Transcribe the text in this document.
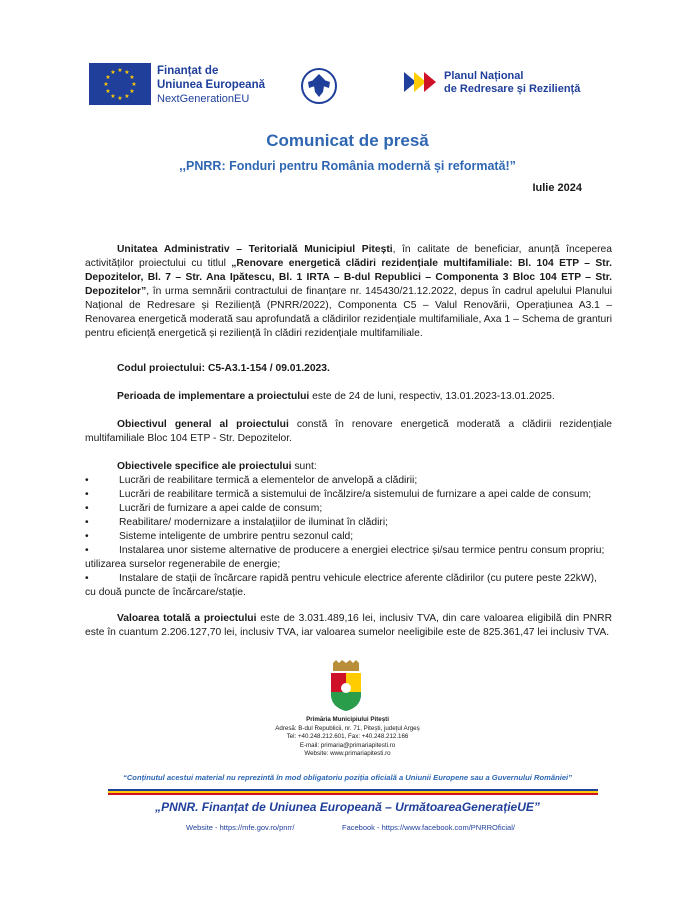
★ ★
★
★
★
★
★
★
★
★
★
★	Finanțat de
Uniunea Europeană
NextGenerationEU
Planul Național
de Redresare și Reziliență
Comunicat de presă
,,PNRR: Fonduri pentru România modernă și reformată!”
Iulie 2024

Unitatea Administrativ – Teritorială Municipiul Pitești, în calitate de beneficiar, anunță începerea activităților proiectului cu titlul „Renovare energetică clădiri rezidențiale multifamiliale: Bl. 104 ETP – Str. Depozitelor, Bl. 7 – Str. Ana Ipătescu, Bl. 1 IRTA – B-dul Republici – Componenta 3 Bloc 104 ETP – Str. Depozitelor”, în urma semnării contractului de finanțare nr. 145430/21.12.2022, depus în cadrul apelului Planului Național de Redresare și Reziliență (PNRR/2022), Componenta C5 – Valul Renovării, Operațiunea A3.1 – Renovarea energetică moderată sau aprofundată a clădirilor rezidențiale multifamiliale, Axa 1 – Schema de granturi pentru eficiență energetică și reziliență în clădiri rezidențiale multifamiliale.

Codul proiectului: C5-A3.1-154 / 09.01.2023.

Perioada de implementare a proiectului este de 24 de luni, respectiv, 13.01.2023-13.01.2025.

Obiectivul general al proiectului constă în renovare energetică moderată a clădirii rezidențiale multifamiliale Bloc 104 ETP - Str. Depozitelor.

Obiectivele specifice ale proiectului sunt:

•	Lucrări de reabilitare termică a elementelor de anvelopă a clădirii;
•	Lucrări de reabilitare termică a sistemului de încălzire/a sistemului de furnizare a apei calde de consum;
•	Lucrări de furnizare a apei calde de consum;
•	Reabilitare/ modernizare a instalațiilor de iluminat în clădiri;
•	Sisteme inteligente de umbrire pentru sezonul cald;
•	Instalarea unor sisteme alternative de producere a energiei electrice și/sau termice pentru consum propriu;

utilizarea surselor regenerabile de energie;

•	Instalare de stații de încărcare rapidă pentru vehicule electrice aferente clădirilor (cu putere peste 22kW),

cu două puncte de încărcare/stație.

Valoarea totală a proiectului este de 3.031.489,16 lei, inclusiv TVA, din care valoarea eligibilă din PNRR este în cuantum 2.206.127,70 lei, inclusiv TVA, iar valoarea sumelor neeligibile este de 825.361,47 lei inclusiv TVA.

Primăria Municipiului Pitești
Adresă: B-dul Republicii, nr. 71, Pitești, județul Argeș
Tel: +40.248.212.601, Fax: +40.248.212.166
E-mail: primaria@primariapitesti.ro
Website: www.primariapitesti.ro
“Conținutul acestui material nu reprezintă în mod obligatoriu poziția oficială a Uniunii Europene sau a Guvernului României”
„PNNR. Finanțat de Uniunea Europeană – UrmătoareaGenerațieUE”
Website - https://mfe.gov.ro/pnrr/	Facebook - https://www.facebook.com/PNRROficial/
